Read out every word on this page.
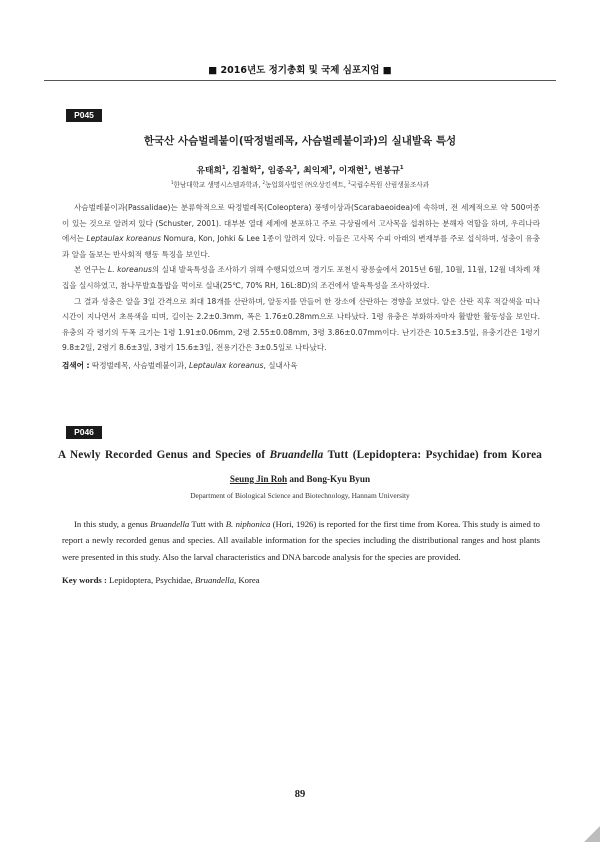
■ 2016년도 정기총회 및 국제 심포지엄 ■
P045
한국산 사슴벌레붙이(딱정벌레목, 사슴벌레붙이과)의 실내발육 특성
유태희$^1$, 김철학$^2$, 임종옥$^3$, 최익제$^3$, 이재현$^1$, 변봉규$^1$
$^1$한남대학교 생명시스템과학과, $^2$농업회사법인 ㈜오상킨섹트, $^3$국립수목원 산림생물조사과

사슴벌레붙이과(Passalidae)는 분류학적으로 딱정벌레목(Coleoptera) 풍뎅이상과(Scarabaeoidea)에 속하며, 전 세계적으로 약 500여종이 있는 것으로 알려져 있다 (Schuster, 2001). 대부분 열대 세계에 분포하고 주로 극상림에서 고사목을 섭취하는 분해자 역할을 하며, 우리나라에서는 Leptaulax koreanus Nomura, Kon, Johki & Lee 1종이 알려져 있다. 이들은 고사목 수피 아래의 변재부를 주로 섭식하며, 성충이 유충과 알을 돌보는 반사회적 행동 특징을 보인다.

본 연구는 L. koreanus의 실내 발육특성을 조사하기 위해 수행되었으며 경기도 포천시 광릉숲에서 2015년 6월, 10월, 11월, 12월 네차례 채집을 실시하였고, 참나무발효톱밥을 먹이로 실내(25℃, 70% RH, 16L:8D)의 조건에서 발육특성을 조사하였다.

그 결과 성충은 알을 3일 간격으로 최대 18개를 산란하며, 알동지를 만들어 한 장소에 산란하는 경향을 보였다. 알은 산란 직후 적갈색을 띠나 시간이 지나면서 초록색을 띠며, 길이는 2.2±0.3mm, 폭은 1.76±0.28mm으로 나타났다. 1령 유충은 부화하자마자 활발한 활동성을 보인다. 유충의 각 령기의 두폭 크기는 1령 1.91±0.06mm, 2령 2.55±0.08mm, 3령 3.86±0.07mm이다. 난기간은 10.5±3.5일, 유충기간은 1령기 9.8±2일, 2령기 8.6±3일, 3령기 15.6±3일, 전용기간은 3±0.5일로 나타났다.

검색어 : 딱정벌레목, 사슴벌레붙이과, Leptaulax koreanus, 실내사육
P046
A Newly Recorded Genus and Species of Bruandella Tutt (Lepidoptera: Psychidae) from Korea
Seung Jin Roh and Bong-Kyu Byun
Department of Biological Science and Biotechnology, Hannam University

In this study, a genus Bruandella Tutt with B. niphonica (Hori, 1926) is reported for the first time from Korea. This study is aimed to report a newly recorded genus and species. All available information for the species including the distributional ranges and host plants were presented in this study. Also the larval characteristics and DNA barcode analysis for the species are provided.

Key words : Lepidoptera, Psychidae, Bruandella, Korea
89
